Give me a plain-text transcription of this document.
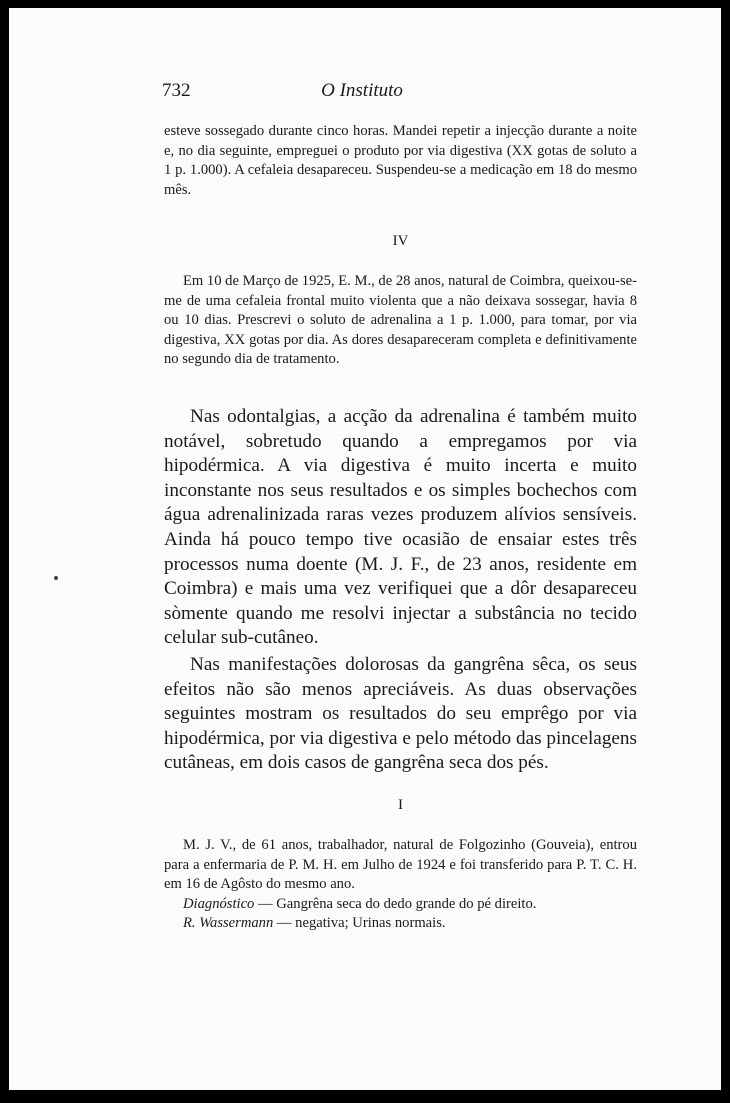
732	O Instituto

esteve sossegado durante cinco horas. Mandei repetir a injecção durante a noite e, no dia seguinte, empreguei o produto por via digestiva (XX gotas de soluto a 1 p. 1.000). A cefaleia desapareceu. Suspendeu-se a medicação em 18 do mesmo mês.

IV

Em 10 de Março de 1925, E. M., de 28 anos, natural de Coimbra, queixou-se-me de uma cefaleia frontal muito violenta que a não deixava sossegar, havia 8 ou 10 dias. Prescrevi o soluto de adrenalina a 1 p. 1.000, para tomar, por via digestiva, XX gotas por dia. As dores desapareceram completa e definitivamente no segundo dia de tratamento.

Nas odontalgias, a acção da adrenalina é também muito notável, sobretudo quando a empregamos por via hipodérmica. A via digestiva é muito incerta e muito inconstante nos seus resultados e os simples bochechos com água adrenalinizada raras vezes produzem alívios sensíveis. Ainda há pouco tempo tive ocasião de ensaiar estes três processos numa doente (M. J. F., de 23 anos, residente em Coimbra) e mais uma vez verifiquei que a dôr desapareceu sòmente quando me resolvi injectar a substância no tecido celular sub-cutâneo.

Nas manifestações dolorosas da gangrêna sêca, os seus efeitos não são menos apreciáveis. As duas observações seguintes mostram os resultados do seu emprêgo por via hipodérmica, por via digestiva e pelo método das pincelagens cutâneas, em dois casos de gangrêna seca dos pés.

I

M. J. V., de 61 anos, trabalhador, natural de Folgozinho (Gouveia), entrou para a enfermaria de P. M. H. em Julho de 1924 e foi transferido para P. T. C. H. em 16 de Agôsto do mesmo ano.

Diagnóstico — Gangrêna seca do dedo grande do pé direito.

R. Wassermann — negativa; Urinas normais.
